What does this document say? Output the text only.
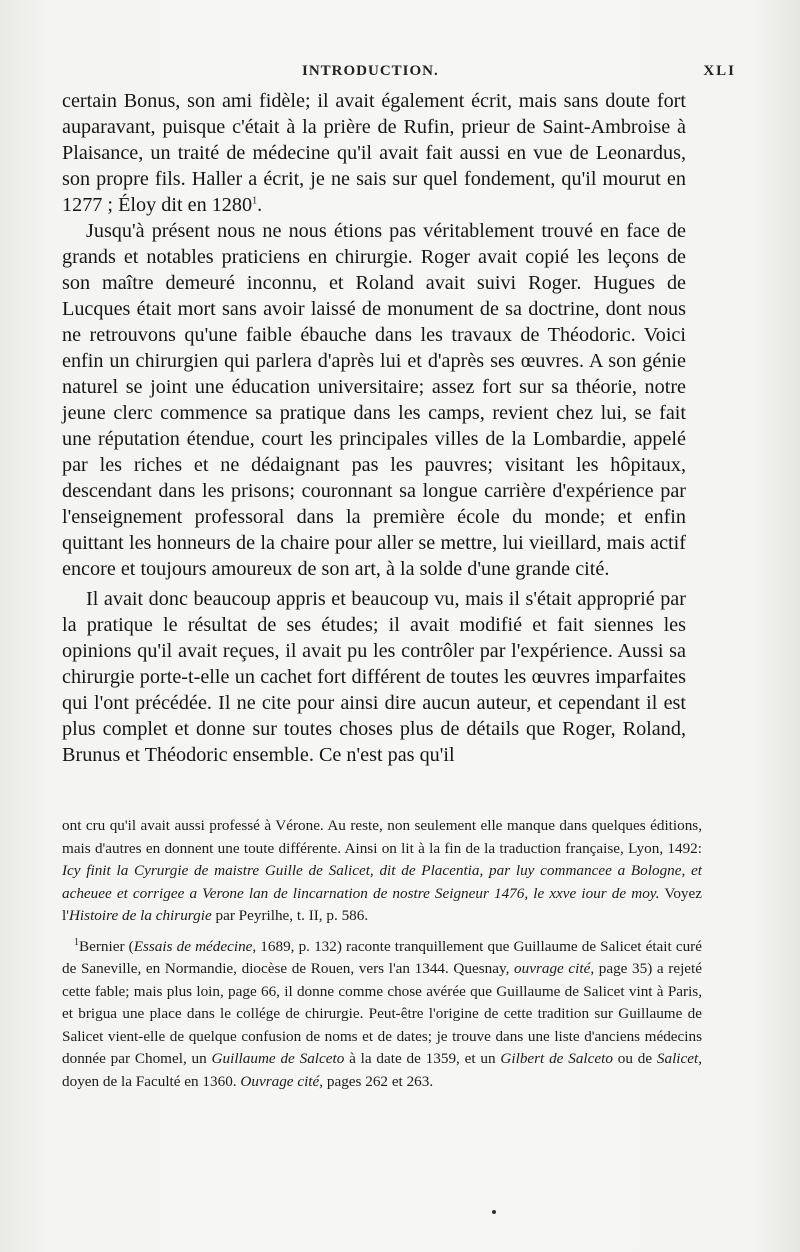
INTRODUCTION.	XLI

certain Bonus, son ami fidèle; il avait également écrit, mais sans doute fort auparavant, puisque c'était à la prière de Rufin, prieur de Saint-Ambroise à Plaisance, un traité de médecine qu'il avait fait aussi en vue de Leonardus, son propre fils. Haller a écrit, je ne sais sur quel fondement, qu'il mourut en 1277 ; Éloy dit en 1280$^1$.

Jusqu'à présent nous ne nous étions pas véritablement trouvé en face de grands et notables praticiens en chirurgie. Roger avait copié les leçons de son maître demeuré inconnu, et Roland avait suivi Roger. Hugues de Lucques était mort sans avoir laissé de monument de sa doctrine, dont nous ne retrouvons qu'une faible ébauche dans les travaux de Théodoric. Voici enfin un chirurgien qui parlera d'après lui et d'après ses œuvres. A son génie naturel se joint une éducation universitaire; assez fort sur sa théorie, notre jeune clerc commence sa pratique dans les camps, revient chez lui, se fait une réputation étendue, court les principales villes de la Lombardie, appelé par les riches et ne dédaignant pas les pauvres; visitant les hôpitaux, descendant dans les prisons; couronnant sa longue carrière d'expérience par l'enseignement professoral dans la première école du monde; et enfin quittant les honneurs de la chaire pour aller se mettre, lui vieillard, mais actif encore et toujours amoureux de son art, à la solde d'une grande cité.

Il avait donc beaucoup appris et beaucoup vu, mais il s'était approprié par la pratique le résultat de ses études; il avait modifié et fait siennes les opinions qu'il avait reçues, il avait pu les contrôler par l'expérience. Aussi sa chirurgie porte-t-elle un cachet fort différent de toutes les œuvres imparfaites qui l'ont précédée. Il ne cite pour ainsi dire aucun auteur, et cependant il est plus complet et donne sur toutes choses plus de détails que Roger, Roland, Brunus et Théodoric ensemble. Ce n'est pas qu'il

ont cru qu'il avait aussi professé à Vérone. Au reste, non seulement elle manque dans quelques éditions, mais d'autres en donnent une toute différente. Ainsi on lit à la fin de la traduction française, Lyon, 1492: Icy finit la Cyrurgie de maistre Guille de Salicet, dit de Placentia, par luy commancee a Bologne, et acheuee et corrigee a Verone lan de lincarnation de nostre Seigneur 1476, le xxve iour de moy. Voyez l'Histoire de la chirurgie par Peyrilhe, t. II, p. 586.

$^1$Bernier (Essais de médecine, 1689, p. 132) raconte tranquillement que Guillaume de Salicet était curé de Saneville, en Normandie, diocèse de Rouen, vers l'an 1344. Quesnay, ouvrage cité, page 35) a rejeté cette fable; mais plus loin, page 66, il donne comme chose avérée que Guillaume de Salicet vint à Paris, et brigua une place dans le collége de chirurgie. Peut-être l'origine de cette tradition sur Guillaume de Salicet vient-elle de quelque confusion de noms et de dates; je trouve dans une liste d'anciens médecins donnée par Chomel, un Guillaume de Salceto à la date de 1359, et un Gilbert de Salceto ou de Salicet, doyen de la Faculté en 1360. Ouvrage cité, pages 262 et 263.
